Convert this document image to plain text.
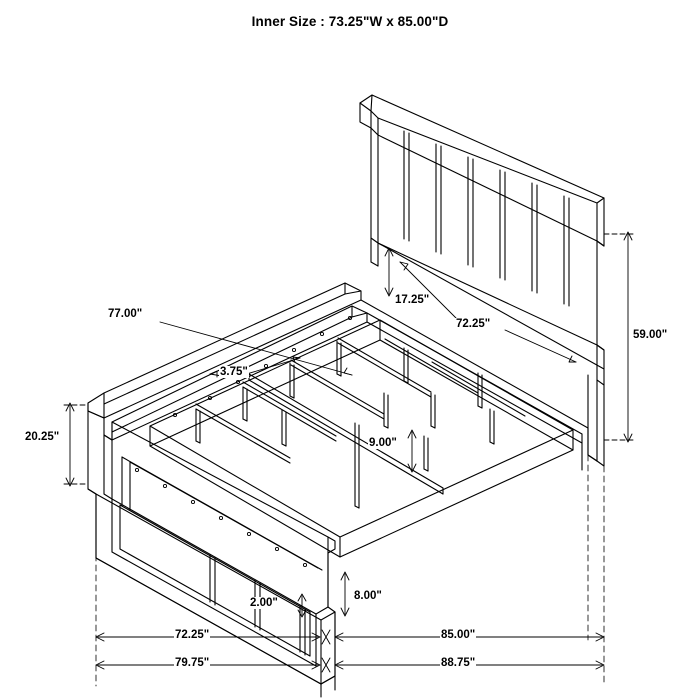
Inner Size : 73.25"W x 85.00"D
59.00"
72.25"
17.25"
77.00"
3.75"
9.00"
20.25"
8.00"
2.00"
72.25"	85.00"
79.75"	88.75"
